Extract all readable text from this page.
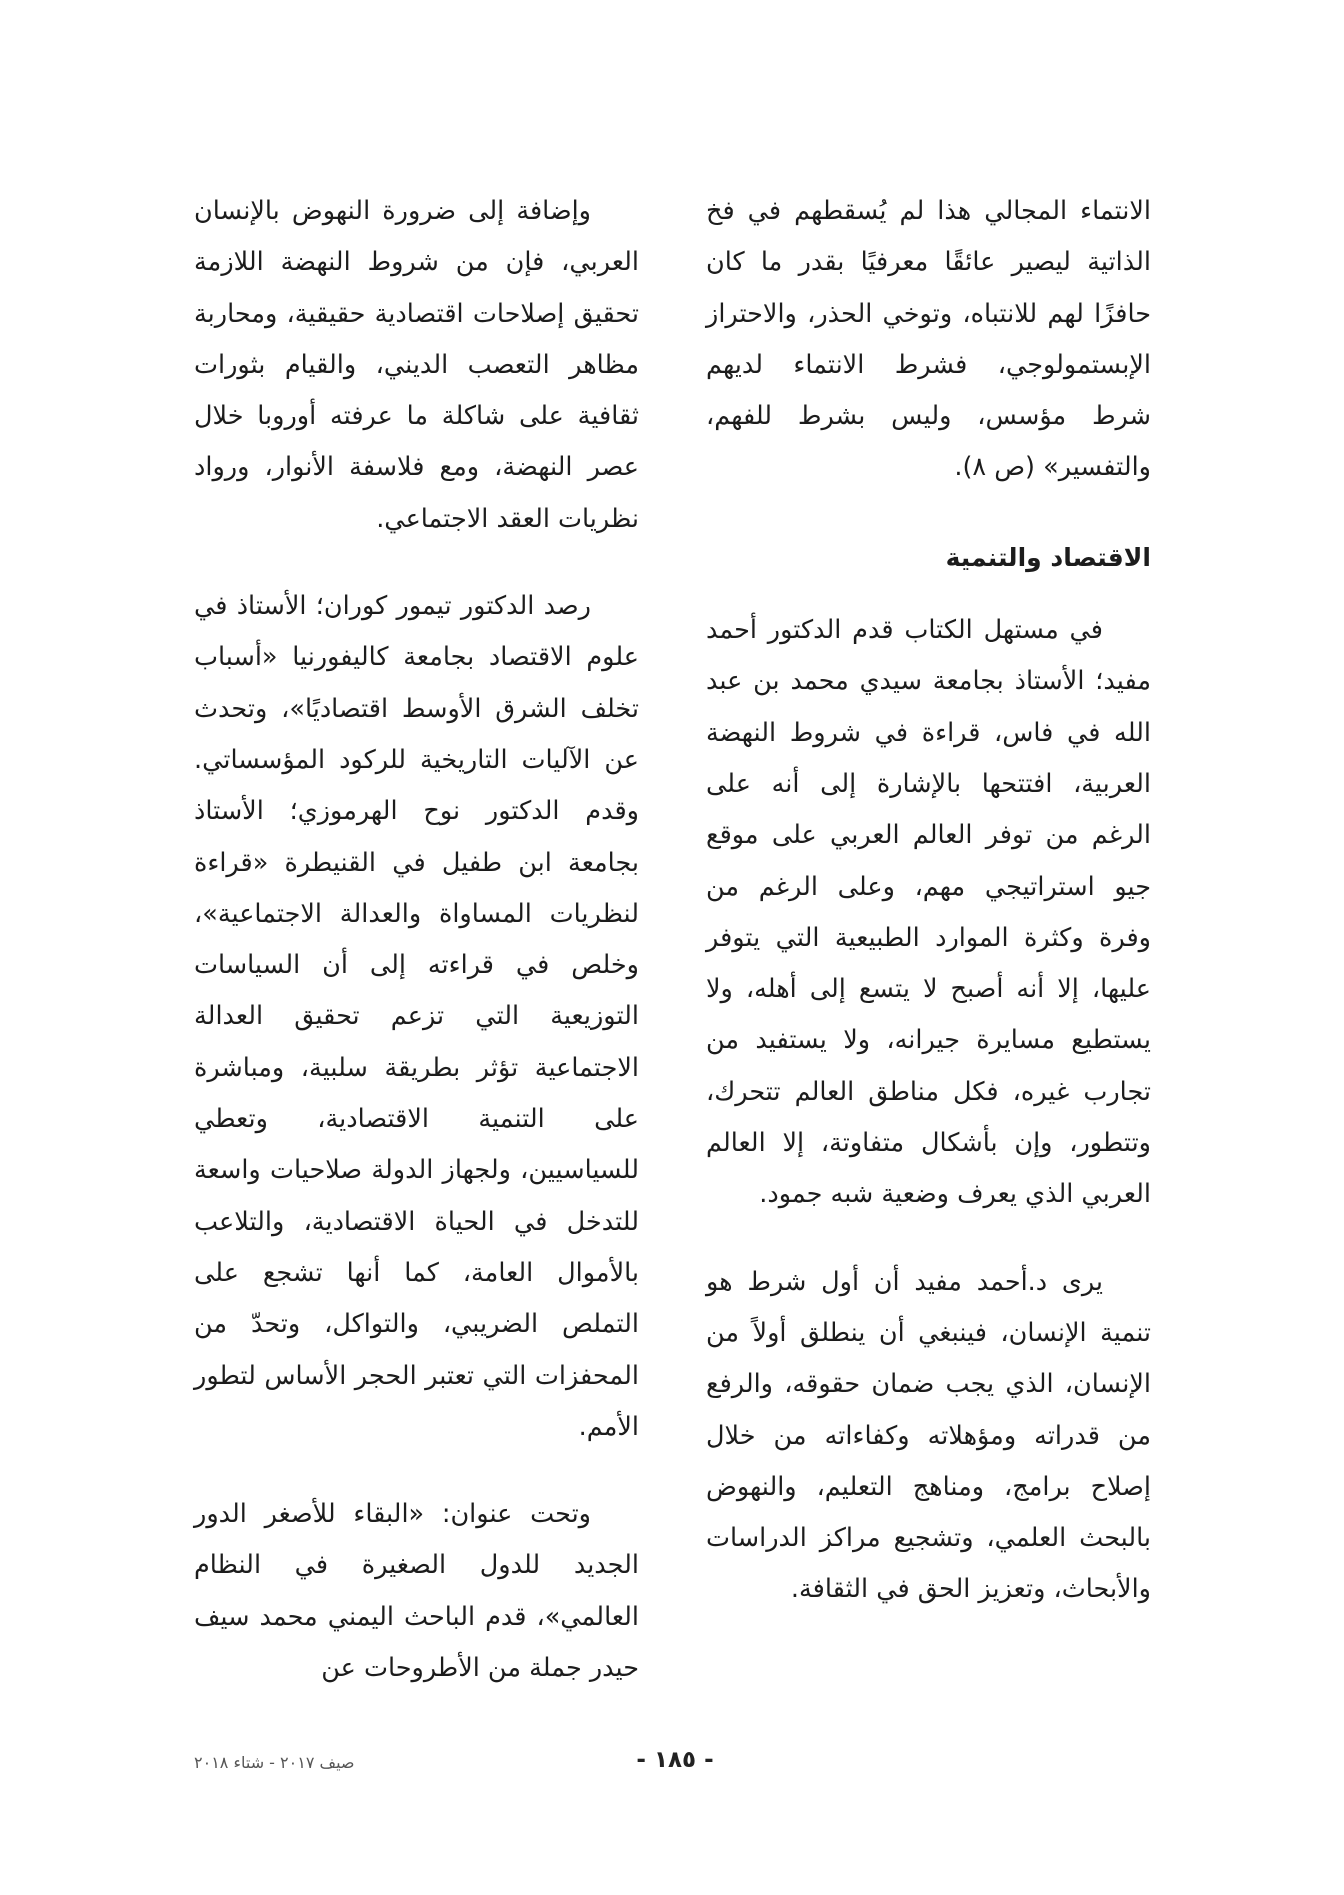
الانتماء المجالي هذا لم يُسقطهم في فخ الذاتية ليصير عائقًا معرفيًا بقدر ما كان حافزًا لهم للانتباه، وتوخي الحذر، والاحتراز الإبستمولوجي، فشرط الانتماء لديهم شرط مؤسس، وليس بشرط للفهم، والتفسير» (ص ٨).

الاقتصاد والتنمية

في مستهل الكتاب قدم الدكتور أحمد مفيد؛ الأستاذ بجامعة سيدي محمد بن عبد الله في فاس، قراءة في شروط النهضة العربية، افتتحها بالإشارة إلى أنه على الرغم من توفر العالم العربي على موقع جيو استراتيجي مهم، وعلى الرغم من وفرة وكثرة الموارد الطبيعية التي يتوفر عليها، إلا أنه أصبح لا يتسع إلى أهله، ولا يستطيع مسايرة جيرانه، ولا يستفيد من تجارب غيره، فكل مناطق العالم تتحرك، وتتطور، وإن بأشكال متفاوتة، إلا العالم العربي الذي يعرف وضعية شبه جمود.

يرى د.أحمد مفيد أن أول شرط هو تنمية الإنسان، فينبغي أن ينطلق أولاً من الإنسان، الذي يجب ضمان حقوقه، والرفع من قدراته ومؤهلاته وكفاءاته من خلال إصلاح برامج، ومناهج التعليم، والنهوض بالبحث العلمي، وتشجيع مراكز الدراسات والأبحاث، وتعزيز الحق في الثقافة.

وإضافة إلى ضرورة النهوض بالإنسان العربي، فإن من شروط النهضة اللازمة تحقيق إصلاحات اقتصادية حقيقية، ومحاربة مظاهر التعصب الديني، والقيام بثورات ثقافية على شاكلة ما عرفته أوروبا خلال عصر النهضة، ومع فلاسفة الأنوار، ورواد نظريات العقد الاجتماعي.

رصد الدكتور تيمور كوران؛ الأستاذ في علوم الاقتصاد بجامعة كاليفورنيا «أسباب تخلف الشرق الأوسط اقتصاديًا»، وتحدث عن الآليات التاريخية للركود المؤسساتي. وقدم الدكتور نوح الهرموزي؛ الأستاذ بجامعة ابن طفيل في القنيطرة «قراءة لنظريات المساواة والعدالة الاجتماعية»، وخلص في قراءته إلى أن السياسات التوزيعية التي تزعم تحقيق العدالة الاجتماعية تؤثر بطريقة سلبية، ومباشرة على التنمية الاقتصادية، وتعطي للسياسيين، ولجهاز الدولة صلاحيات واسعة للتدخل في الحياة الاقتصادية، والتلاعب بالأموال العامة، كما أنها تشجع على التملص الضريبي، والتواكل، وتحدّ من المحفزات التي تعتبر الحجر الأساس لتطور الأمم.

وتحت عنوان: «البقاء للأصغر الدور الجديد للدول الصغيرة في النظام العالمي»، قدم الباحث اليمني محمد سيف حيدر جملة من الأطروحات عن

صيف ٢٠١٧ - شتاء ٢٠١٨	- ١٨٥ -
